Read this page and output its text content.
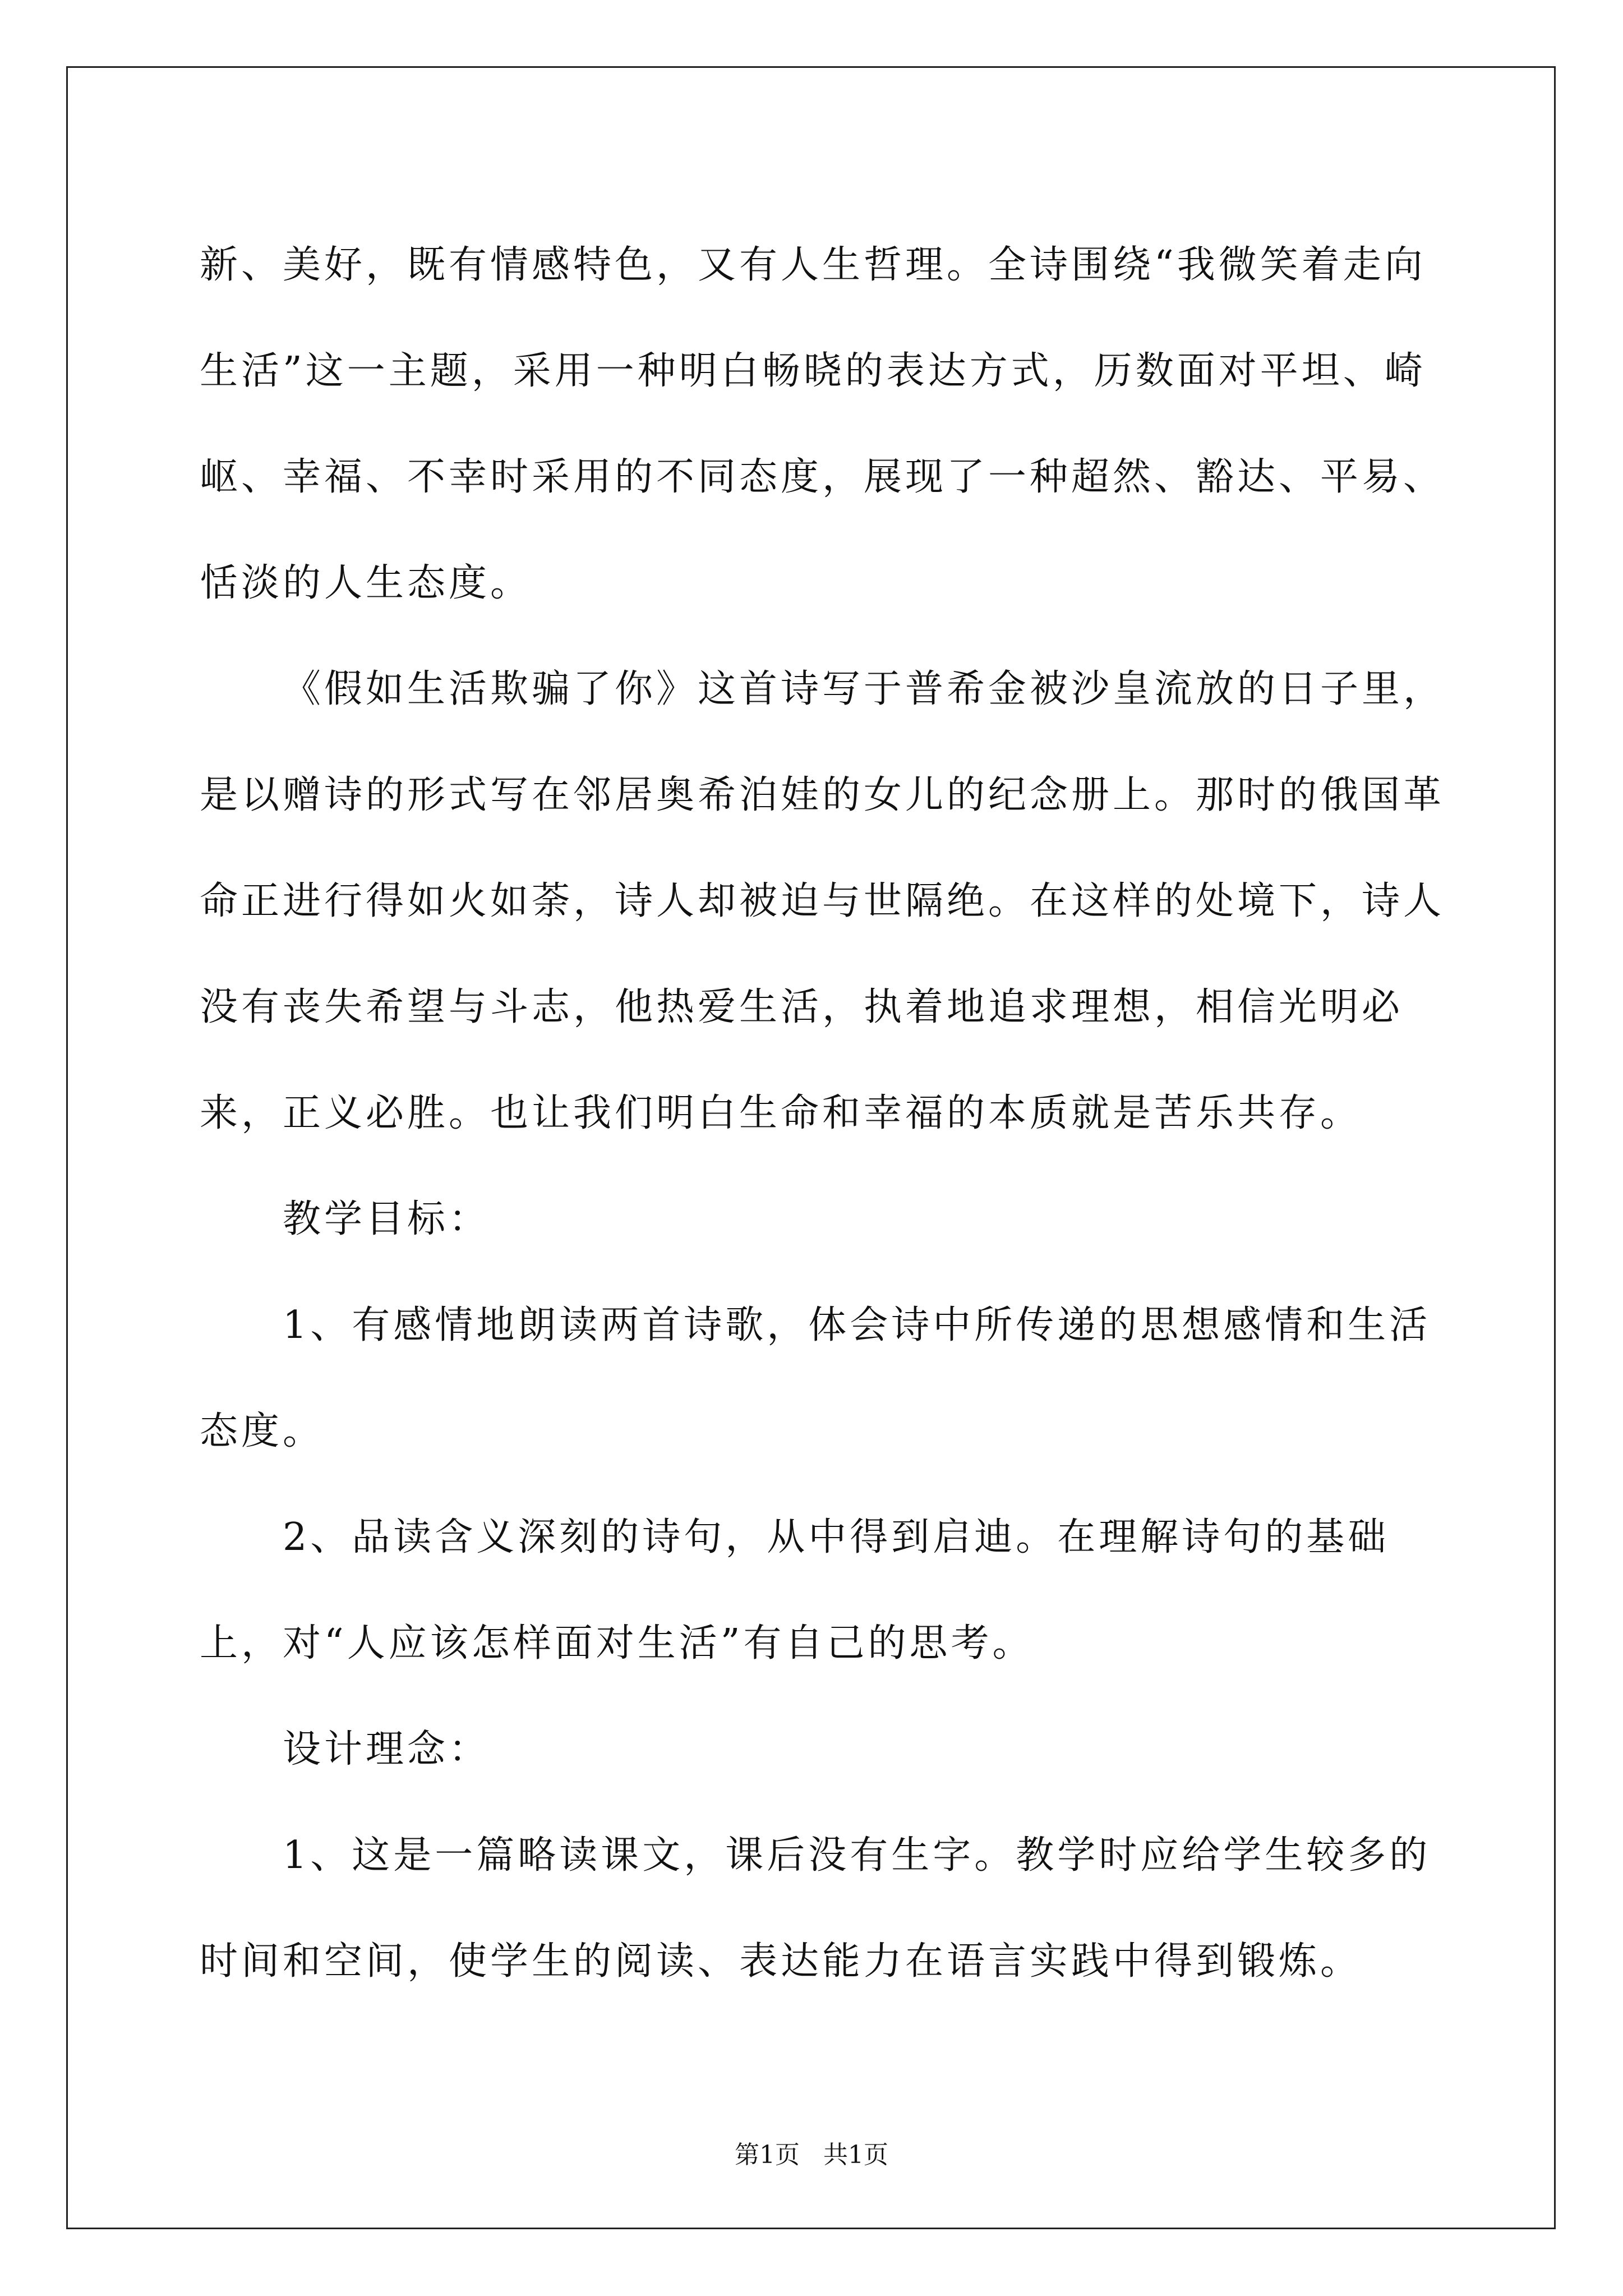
新、美好，既有情感特色，又有人生哲理。全诗围绕“我微笑着走向生活”这一主题，采用一种明白畅晓的表达方式，历数面对平坦、崎岖、幸福、不幸时采用的不同态度，展现了一种超然、豁达、平易、恬淡的人生态度。

《假如生活欺骗了你》这首诗写于普希金被沙皇流放的日子里，是以赠诗的形式写在邻居奥希泊娃的女儿的纪念册上。那时的俄国革命正进行得如火如荼，诗人却被迫与世隔绝。在这样的处境下，诗人没有丧失希望与斗志，他热爱生活，执着地追求理想，相信光明必来，正义必胜。也让我们明白生命和幸福的本质就是苦乐共存。

教学目标：

1、有感情地朗读两首诗歌，体会诗中所传递的思想感情和生活态度。

2、品读含义深刻的诗句，从中得到启迪。在理解诗句的基础上，对“人应该怎样面对生活”有自己的思考。

设计理念：

1、这是一篇略读课文，课后没有生字。教学时应给学生较多的时间和空间，使学生的阅读、表达能力在语言实践中得到锻炼。

第1页 共1页
